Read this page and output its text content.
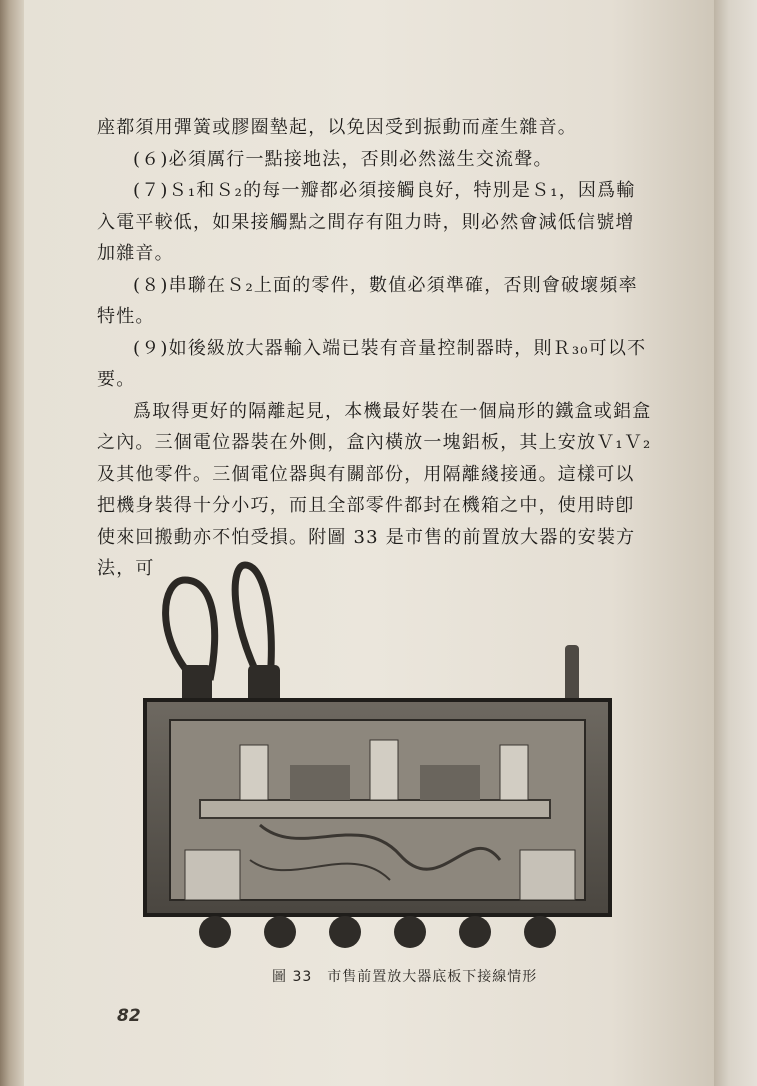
座都須用彈簧或膠圈墊起，以免因受到振動而產生雜音。

(６)必須厲行一點接地法，否則必然滋生交流聲。

(７)Ｓ₁和Ｓ₂的每一瓣都必須接觸良好，特別是Ｓ₁，因爲輸入電平較低，如果接觸點之間存有阻力時，則必然會減低信號增加雜音。

(８)串聯在Ｓ₂上面的零件，數值必須準確，否則會破壞頻率特性。

(９)如後級放大器輸入端已裝有音量控制器時，則Ｒ₃₀可以不要。

爲取得更好的隔離起見，本機最好裝在一個扁形的鐵盒或鋁盒之內。三個電位器裝在外側，盒內橫放一塊鋁板，其上安放Ｖ₁Ｖ₂及其他零件。三個電位器與有關部份，用隔離綫接通。這樣可以把機身裝得十分小巧，而且全部零件都封在機箱之中，使用時卽使來回搬動亦不怕受損。附圖 33 是市售的前置放大器的安裝方法，可

圖 33　市售前置放大器底板下接線情形
82
